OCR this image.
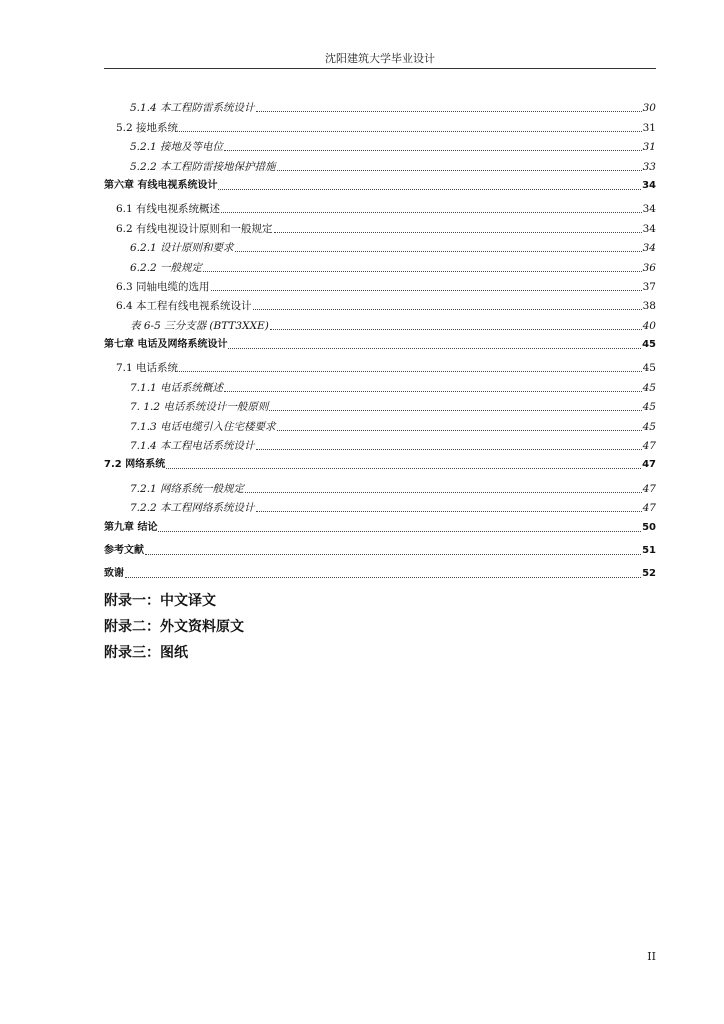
沈阳建筑大学毕业设计
5.1.4 本工程防雷系统设计	30
5.2 接地系统	31
5.2.1 接地及等电位	31
5.2.2 本工程防雷接地保护措施	33
第六章 有线电视系统设计	34
6.1 有线电视系统概述	34
6.2 有线电视设计原则和一般规定	34
6.2.1 设计原则和要求	34
6.2.2 一般规定	36
6.3 同轴电缆的选用	37
6.4 本工程有线电视系统设计	38
表 6-5 三分支器 (BTT3XXE)	40
第七章 电话及网络系统设计	45
7.1 电话系统	45
7.1.1 电话系统概述	45
7. 1.2 电话系统设计一般原则	45
7.1.3 电话电缆引入住宅楼要求	45
7.1.4 本工程电话系统设计	47
7.2 网络系统	47
7.2.1 网络系统一般规定	47
7.2.2 本工程网络系统设计	47
第九章 结论	50
参考文献	51
致谢	52
附录一：中文译文
附录二：外文资料原文
附录三：图纸
II
